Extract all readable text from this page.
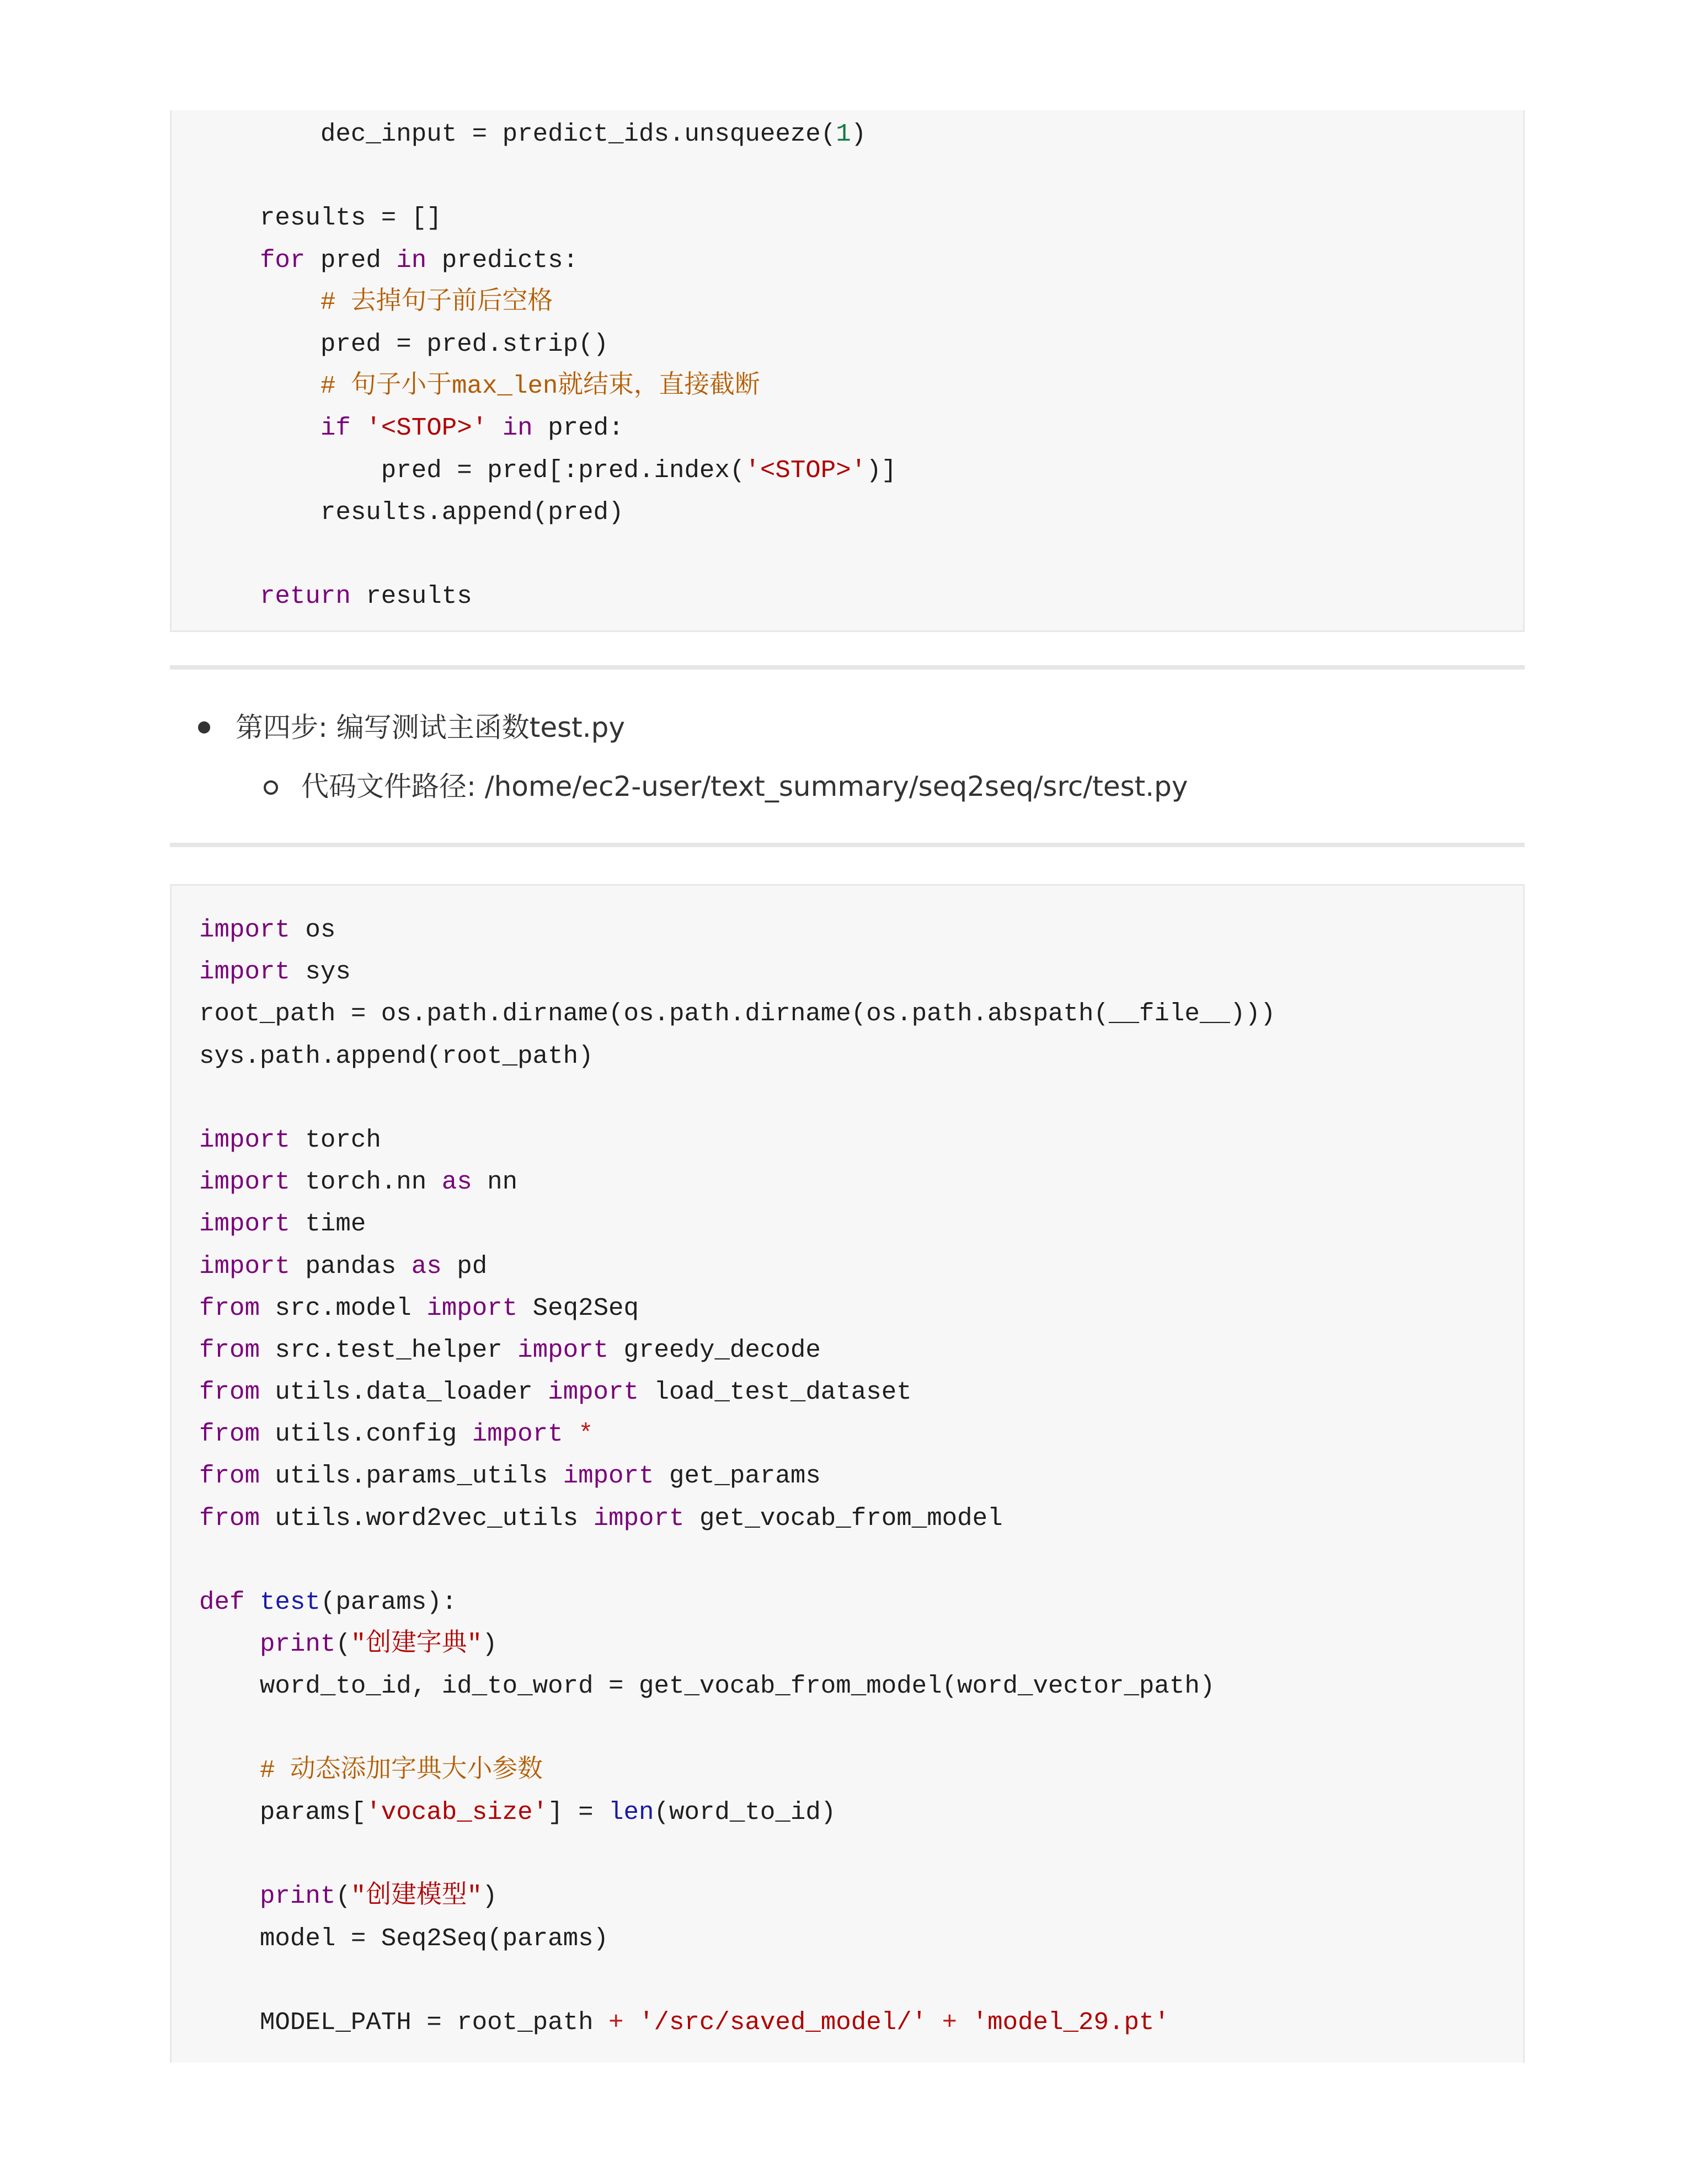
dec_input = predict_ids.unsqueeze(1)

results = []
for pred in predicts:
# 去掉句子前后空格
pred = pred.strip()
# 句子小于max_len就结束，直接截断
if '<STOP>' in pred:
pred = pred[:pred.index('<STOP>')]
results.append(pred)

return results
第四步: 编写测试主函数test.py
代码文件路径: /home/ec2-user/text_summary/seq2seq/src/test.py
import os
import sys
root_path = os.path.dirname(os.path.dirname(os.path.abspath(__file__)))
sys.path.append(root_path)

import torch
import torch.nn as nn
import time
import pandas as pd
from src.model import Seq2Seq
from src.test_helper import greedy_decode
from utils.data_loader import load_test_dataset
from utils.config import *
from utils.params_utils import get_params
from utils.word2vec_utils import get_vocab_from_model

def test(params):
print("创建字典")
word_to_id, id_to_word = get_vocab_from_model(word_vector_path)

# 动态添加字典大小参数
params['vocab_size'] = len(word_to_id)

print("创建模型")
model = Seq2Seq(params)

MODEL_PATH = root_path + '/src/saved_model/' + 'model_29.pt'
